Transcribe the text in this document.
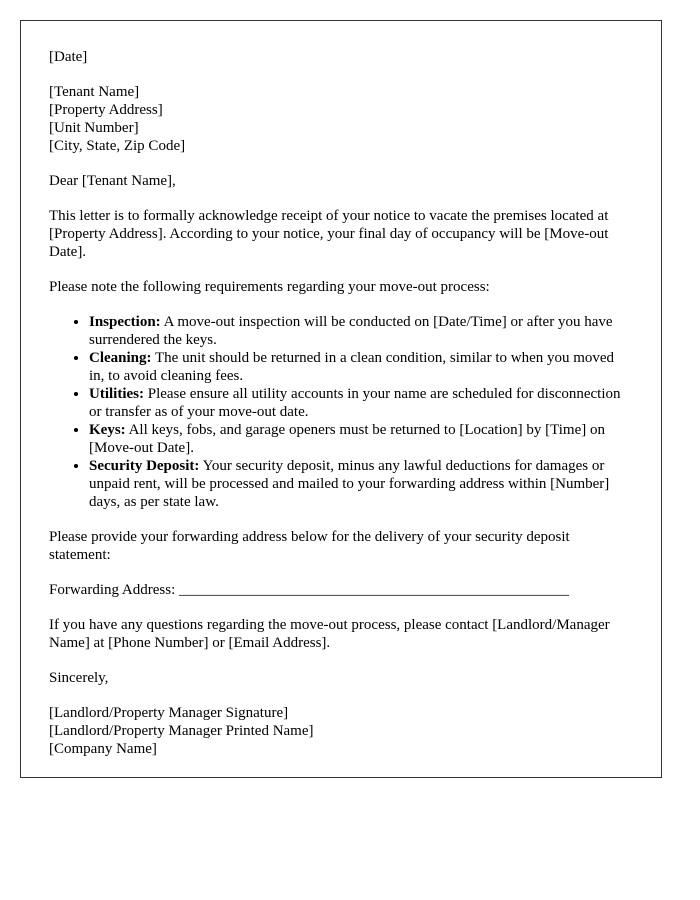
[Date]

[Tenant Name]

[Property Address]

[Unit Number]

[City, State, Zip Code]

Dear [Tenant Name],

This letter is to formally acknowledge receipt of your notice to vacate the premises located at [Property Address]. According to your notice, your final day of occupancy will be [Move-out Date].

Please note the following requirements regarding your move-out process:

• Inspection: A move-out inspection will be conducted on [Date/Time] or after you have surrendered the keys.
• Cleaning: The unit should be returned in a clean condition, similar to when you moved in, to avoid cleaning fees.
• Utilities: Please ensure all utility accounts in your name are scheduled for disconnection or transfer as of your move-out date.
• Keys: All keys, fobs, and garage openers must be returned to [Location] by [Time] on [Move-out Date].
• Security Deposit: Your security deposit, minus any lawful deductions for damages or unpaid rent, will be processed and mailed to your forwarding address within [Number] days, as per state law.

Please provide your forwarding address below for the delivery of your security deposit statement:

Forwarding Address: ____________________________________________________

If you have any questions regarding the move-out process, please contact [Landlord/Manager Name] at [Phone Number] or [Email Address].

Sincerely,

[Landlord/Property Manager Signature]

[Landlord/Property Manager Printed Name]

[Company Name]
